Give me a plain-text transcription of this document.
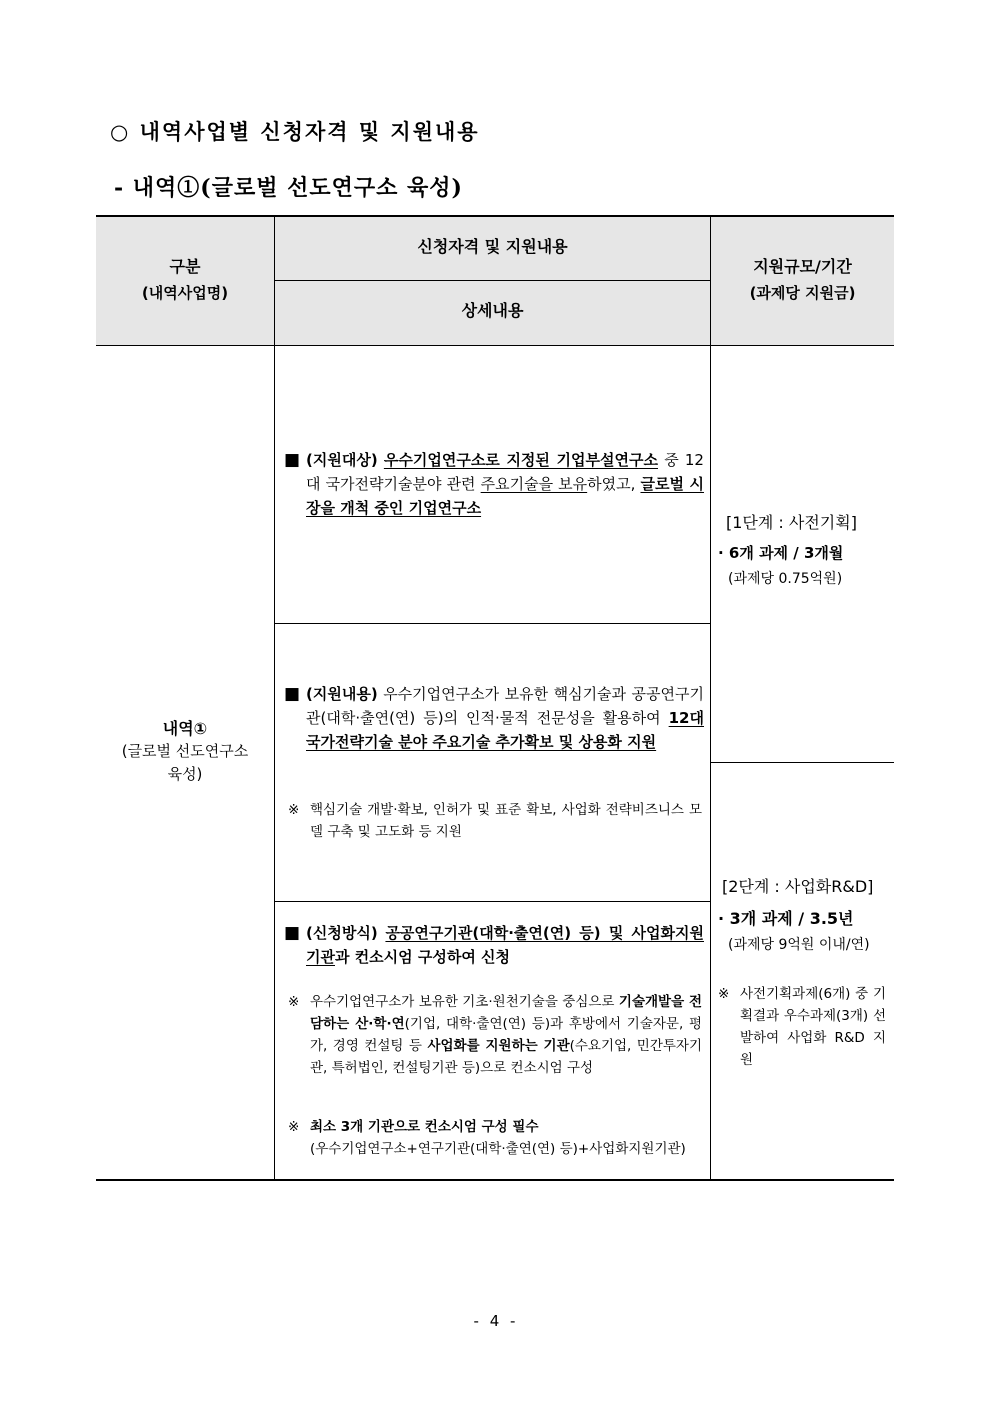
○ 내역사업별 신청자격 및 지원내용
- 내역①(글로벌 선도연구소 육성)
구분
(내역사업명)
신청자격 및 지원내용
상세내용
지원규모/기간
(과제당 지원금)
내역①
(글로벌 선도연구소
육성)
■ (지원대상) 우수기업연구소로 지정된 기업부설연구소 중 12대 국가전략기술분야 관련 주요기술을 보유하였고, 글로벌 시장을 개척 중인 기업연구소
■ (지원내용) 우수기업연구소가 보유한 핵심기술과 공공연구기관(대학·출연(연) 등)의 인적·물적 전문성을 활용하여 12대 국가전략기술 분야 주요기술 추가확보 및 상용화 지원
※ 핵심기술 개발·확보, 인허가 및 표준 확보, 사업화 전략비즈니스 모델 구축 및 고도화 등 지원
■ (신청방식) 공공연구기관(대학·출연(연) 등) 및 사업화지원기관과 컨소시엄 구성하여 신청
※ 우수기업연구소가 보유한 기초·원천기술을 중심으로 기술개발을 전담하는 산·학·연(기업, 대학·출연(연) 등)과 후방에서 기술자문, 평가, 경영 컨설팅 등 사업화를 지원하는 기관(수요기업, 민간투자기관, 특허법인, 컨설팅기관 등)으로 컨소시엄 구성
※ 최소 3개 기관으로 컨소시엄 구성 필수
(우수기업연구소+연구기관(대학·출연(연) 등)+사업화지원기관)
[1단계 : 사전기획]
· 6개 과제 / 3개월
(과제당 0.75억원)
[2단계 : 사업화R&D]
· 3개 과제 / 3.5년
(과제당 9억원 이내/연)
※ 사전기획과제(6개) 중 기획결과 우수과제(3개) 선발하여 사업화 R&D 지원
- 4 -
